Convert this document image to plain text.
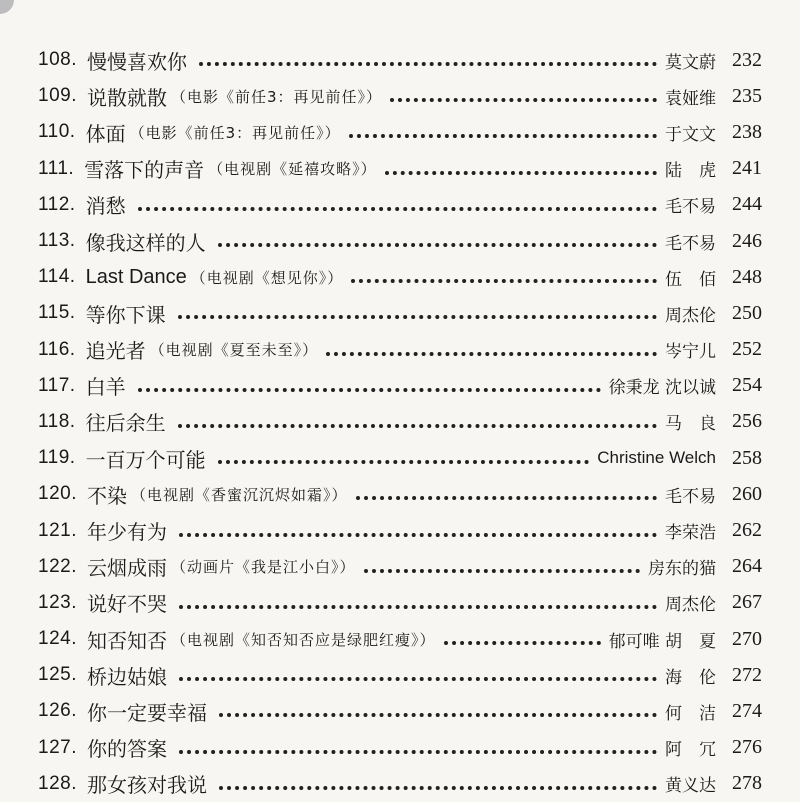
108. 慢慢喜欢你	莫文蔚 232
109. 说散就散 （电影《前任3：再见前任》）	袁娅维 235
110. 体面 （电影《前任3：再见前任》）	于文文 238
111. 雪落下的声音 （电视剧《延禧攻略》）	陆　虎 241
112. 消愁	毛不易 244
113. 像我这样的人	毛不易 246
114. Last Dance （电视剧《想见你》）	伍　佰 248
115. 等你下课	周杰伦 250
116. 追光者 （电视剧《夏至未至》）	岑宁儿 252
117. 白羊	徐秉龙 沈以诚 254
118. 往后余生	马　良 256
119. 一百万个可能	Christine Welch 258
120. 不染 （电视剧《香蜜沉沉烬如霜》）	毛不易 260
121. 年少有为	李荣浩 262
122. 云烟成雨 （动画片《我是江小白》）	房东的猫 264
123. 说好不哭	周杰伦 267
124. 知否知否 （电视剧《知否知否应是绿肥红瘦》）	郁可唯 胡　夏 270
125. 桥边姑娘	海　伦 272
126. 你一定要幸福	何　洁 274
127. 你的答案	阿　冗 276
128. 那女孩对我说	黄义达 278
